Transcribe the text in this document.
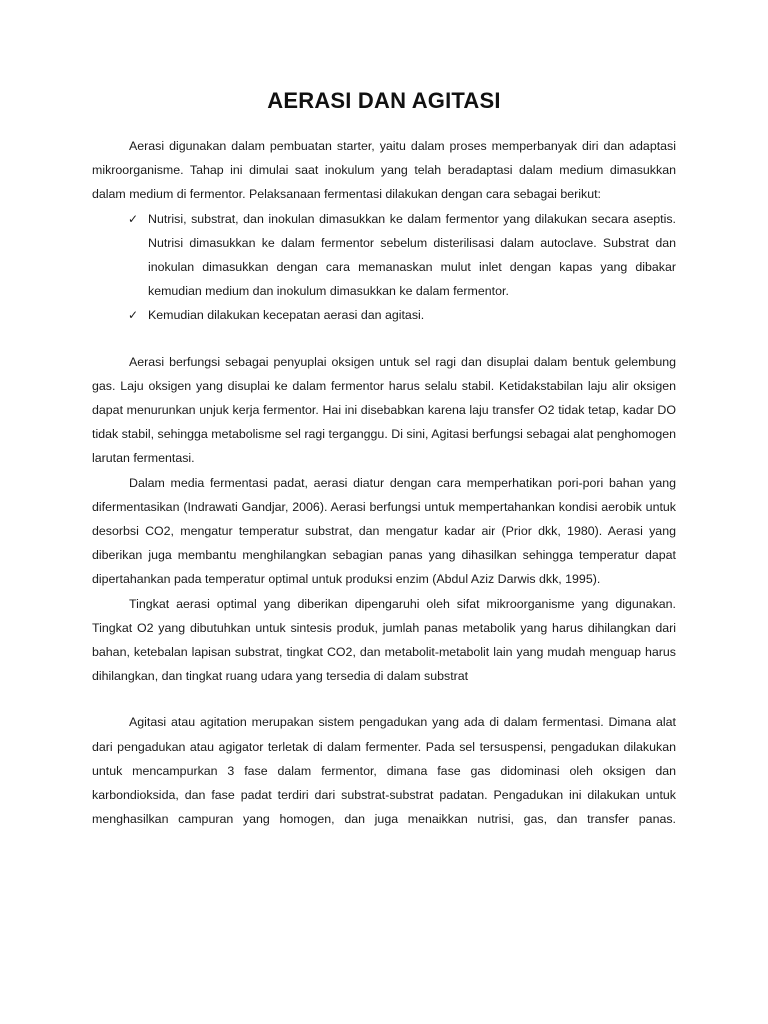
AERASI DAN AGITASI

Aerasi digunakan dalam pembuatan starter, yaitu dalam proses memperbanyak diri dan adaptasi mikroorganisme. Tahap ini dimulai saat inokulum yang telah beradaptasi dalam medium dimasukkan dalam medium di fermentor. Pelaksanaan fermentasi dilakukan dengan cara sebagai berikut:

✓ Nutrisi, substrat, dan inokulan dimasukkan ke dalam fermentor yang dilakukan secara aseptis. Nutrisi dimasukkan ke dalam fermentor sebelum disterilisasi dalam autoclave. Substrat dan inokulan dimasukkan dengan cara memanaskan mulut inlet dengan kapas yang dibakar kemudian medium dan inokulum dimasukkan ke dalam fermentor.
✓ Kemudian dilakukan kecepatan aerasi dan agitasi.

Aerasi berfungsi sebagai penyuplai oksigen untuk sel ragi dan disuplai dalam bentuk gelembung gas. Laju oksigen yang disuplai ke dalam fermentor harus selalu stabil. Ketidakstabilan laju alir oksigen dapat menurunkan unjuk kerja fermentor. Hai ini disebabkan karena laju transfer O2 tidak tetap, kadar DO tidak stabil, sehingga metabolisme sel ragi terganggu. Di sini, Agitasi berfungsi sebagai alat penghomogen larutan fermentasi.

Dalam media fermentasi padat, aerasi diatur dengan cara memperhatikan pori-pori bahan yang difermentasikan (Indrawati Gandjar, 2006). Aerasi berfungsi untuk mempertahankan kondisi aerobik untuk desorbsi CO2, mengatur temperatur substrat, dan mengatur kadar air (Prior dkk, 1980). Aerasi yang diberikan juga membantu menghilangkan sebagian panas yang dihasilkan sehingga temperatur dapat dipertahankan pada temperatur optimal untuk produksi enzim (Abdul Aziz Darwis dkk, 1995).

Tingkat aerasi optimal yang diberikan dipengaruhi oleh sifat mikroorganisme yang digunakan. Tingkat O2 yang dibutuhkan untuk sintesis produk, jumlah panas metabolik yang harus dihilangkan dari bahan, ketebalan lapisan substrat, tingkat CO2, dan metabolit-metabolit lain yang mudah menguap harus dihilangkan, dan tingkat ruang udara yang tersedia di dalam substrat

Agitasi atau agitation merupakan sistem pengadukan yang ada di dalam fermentasi. Dimana alat dari pengadukan atau agigator terletak di dalam fermenter. Pada sel tersuspensi, pengadukan dilakukan untuk mencampurkan 3 fase dalam fermentor, dimana fase gas didominasi oleh oksigen dan karbondioksida, dan fase padat terdiri dari substrat-substrat padatan. Pengadukan ini dilakukan untuk menghasilkan campuran yang homogen, dan juga menaikkan nutrisi, gas, dan transfer panas.
